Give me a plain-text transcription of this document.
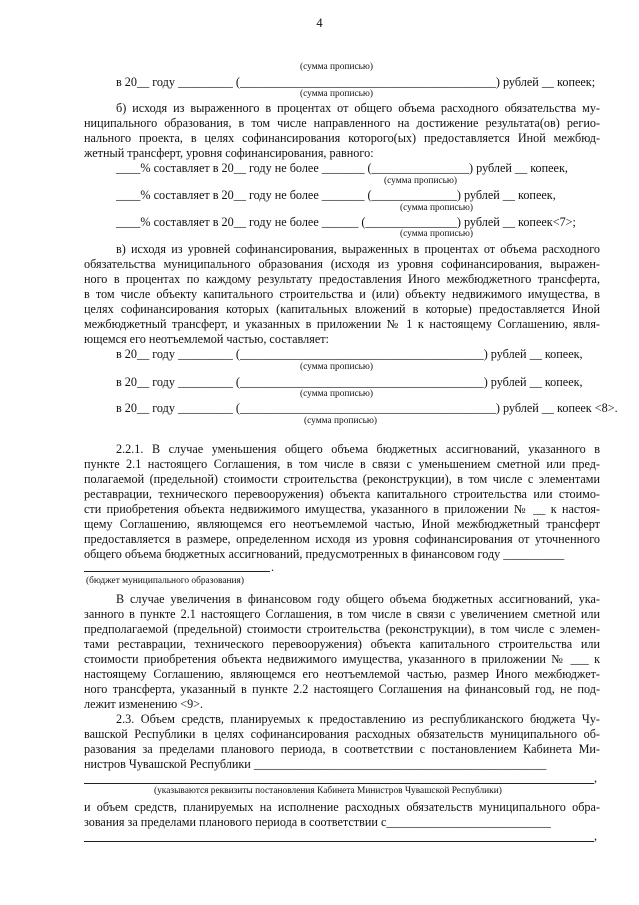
4
(сумма прописью)
в 20__ году _________ (__________________________________________) рублей __ копеек;
(сумма прописью)
б) исходя из выраженного в процентах от общего объема расходного обязательства му-
ниципального образования, в том числе направленного на достижение результата(ов) регио-
нального проекта, в целях софинансирования которого(ых) предоставляется Иной межбюд-
жетный трансферт, уровня софинансирования, равного:
____% составляет в 20__ году не более _______ (________________) рублей __ копеек,
(сумма прописью)
____% составляет в 20__ году не более _______ (______________) рублей __ копеек,
(сумма прописью)
____% составляет в 20__ году не более ______ (_______________) рублей __ копеек<7>;
(сумма прописью)
в) исходя из уровней софинансирования, выраженных в процентах от объема расходного
обязательства муниципального образования (исходя из уровня софинансирования, выражен-
ного в процентах по каждому результату предоставления Иного межбюджетного трансферта,
в том числе объекту капитального строительства и (или) объекту недвижимого имущества, в
целях софинансирования которых (капитальных вложений в которые) предоставляется Иной
межбюджетный трансферт, и указанных в приложении № 1 к настоящему Соглашению, явля-
ющемся его неотъемлемой частью, составляет:
в 20__ году _________ (________________________________________) рублей __ копеек,
(сумма прописью)
в 20__ году _________ (________________________________________) рублей __ копеек,
(сумма прописью)
в 20__ году _________ (__________________________________________) рублей __ копеек <8>.
(сумма прописью)
2.2.1. В случае уменьшения общего объема бюджетных ассигнований, указанного в
пункте 2.1 настоящего Соглашения, в том числе в связи с уменьшением сметной или пред-
полагаемой (предельной) стоимости строительства (реконструкции), в том числе с элементами
реставрации, технического перевооружения) объекта капитального строительства или стоимо-
сти приобретения объекта недвижимого имущества, указанного в приложении № __ к настоя-
щему Соглашению, являющемся его неотъемлемой частью, Иной межбюджетный трансферт
предоставляется в размере, определенном исходя из уровня софинансирования от уточненного
общего объема бюджетных ассигнований, предусмотренных в финансовом году __________
.
(бюджет муниципального образования)
В случае увеличения в финансовом году общего объема бюджетных ассигнований, ука-
занного в пункте 2.1 настоящего Соглашения, в том числе в связи с увеличением сметной или
предполагаемой (предельной) стоимости строительства (реконструкции), в том числе с элемен-
тами реставрации, технического перевооружения) объекта капитального строительства или
стоимости приобретения объекта недвижимого имущества, указанного в приложении № ___ к
настоящему Соглашению, являющемся его неотъемлемой частью, размер Иного межбюджет-
ного трансферта, указанный в пункте 2.2 настоящего Соглашения на финансовый год, не под-
лежит изменению <9>.
2.3. Объем средств, планируемых к предоставлению из республиканского бюджета Чу-
вашской Республики в целях софинансирования расходных обязательств муниципального об-
разования за пределами планового периода, в соответствии с постановлением Кабинета Ми-
нистров Чувашской Республики ________________________________________________
,
(указываются реквизиты постановления Кабинета Министров Чувашской Республики)
и объем средств, планируемых на исполнение расходных обязательств муниципального обра-
зования за пределами планового периода в соответствии с___________________________
,
